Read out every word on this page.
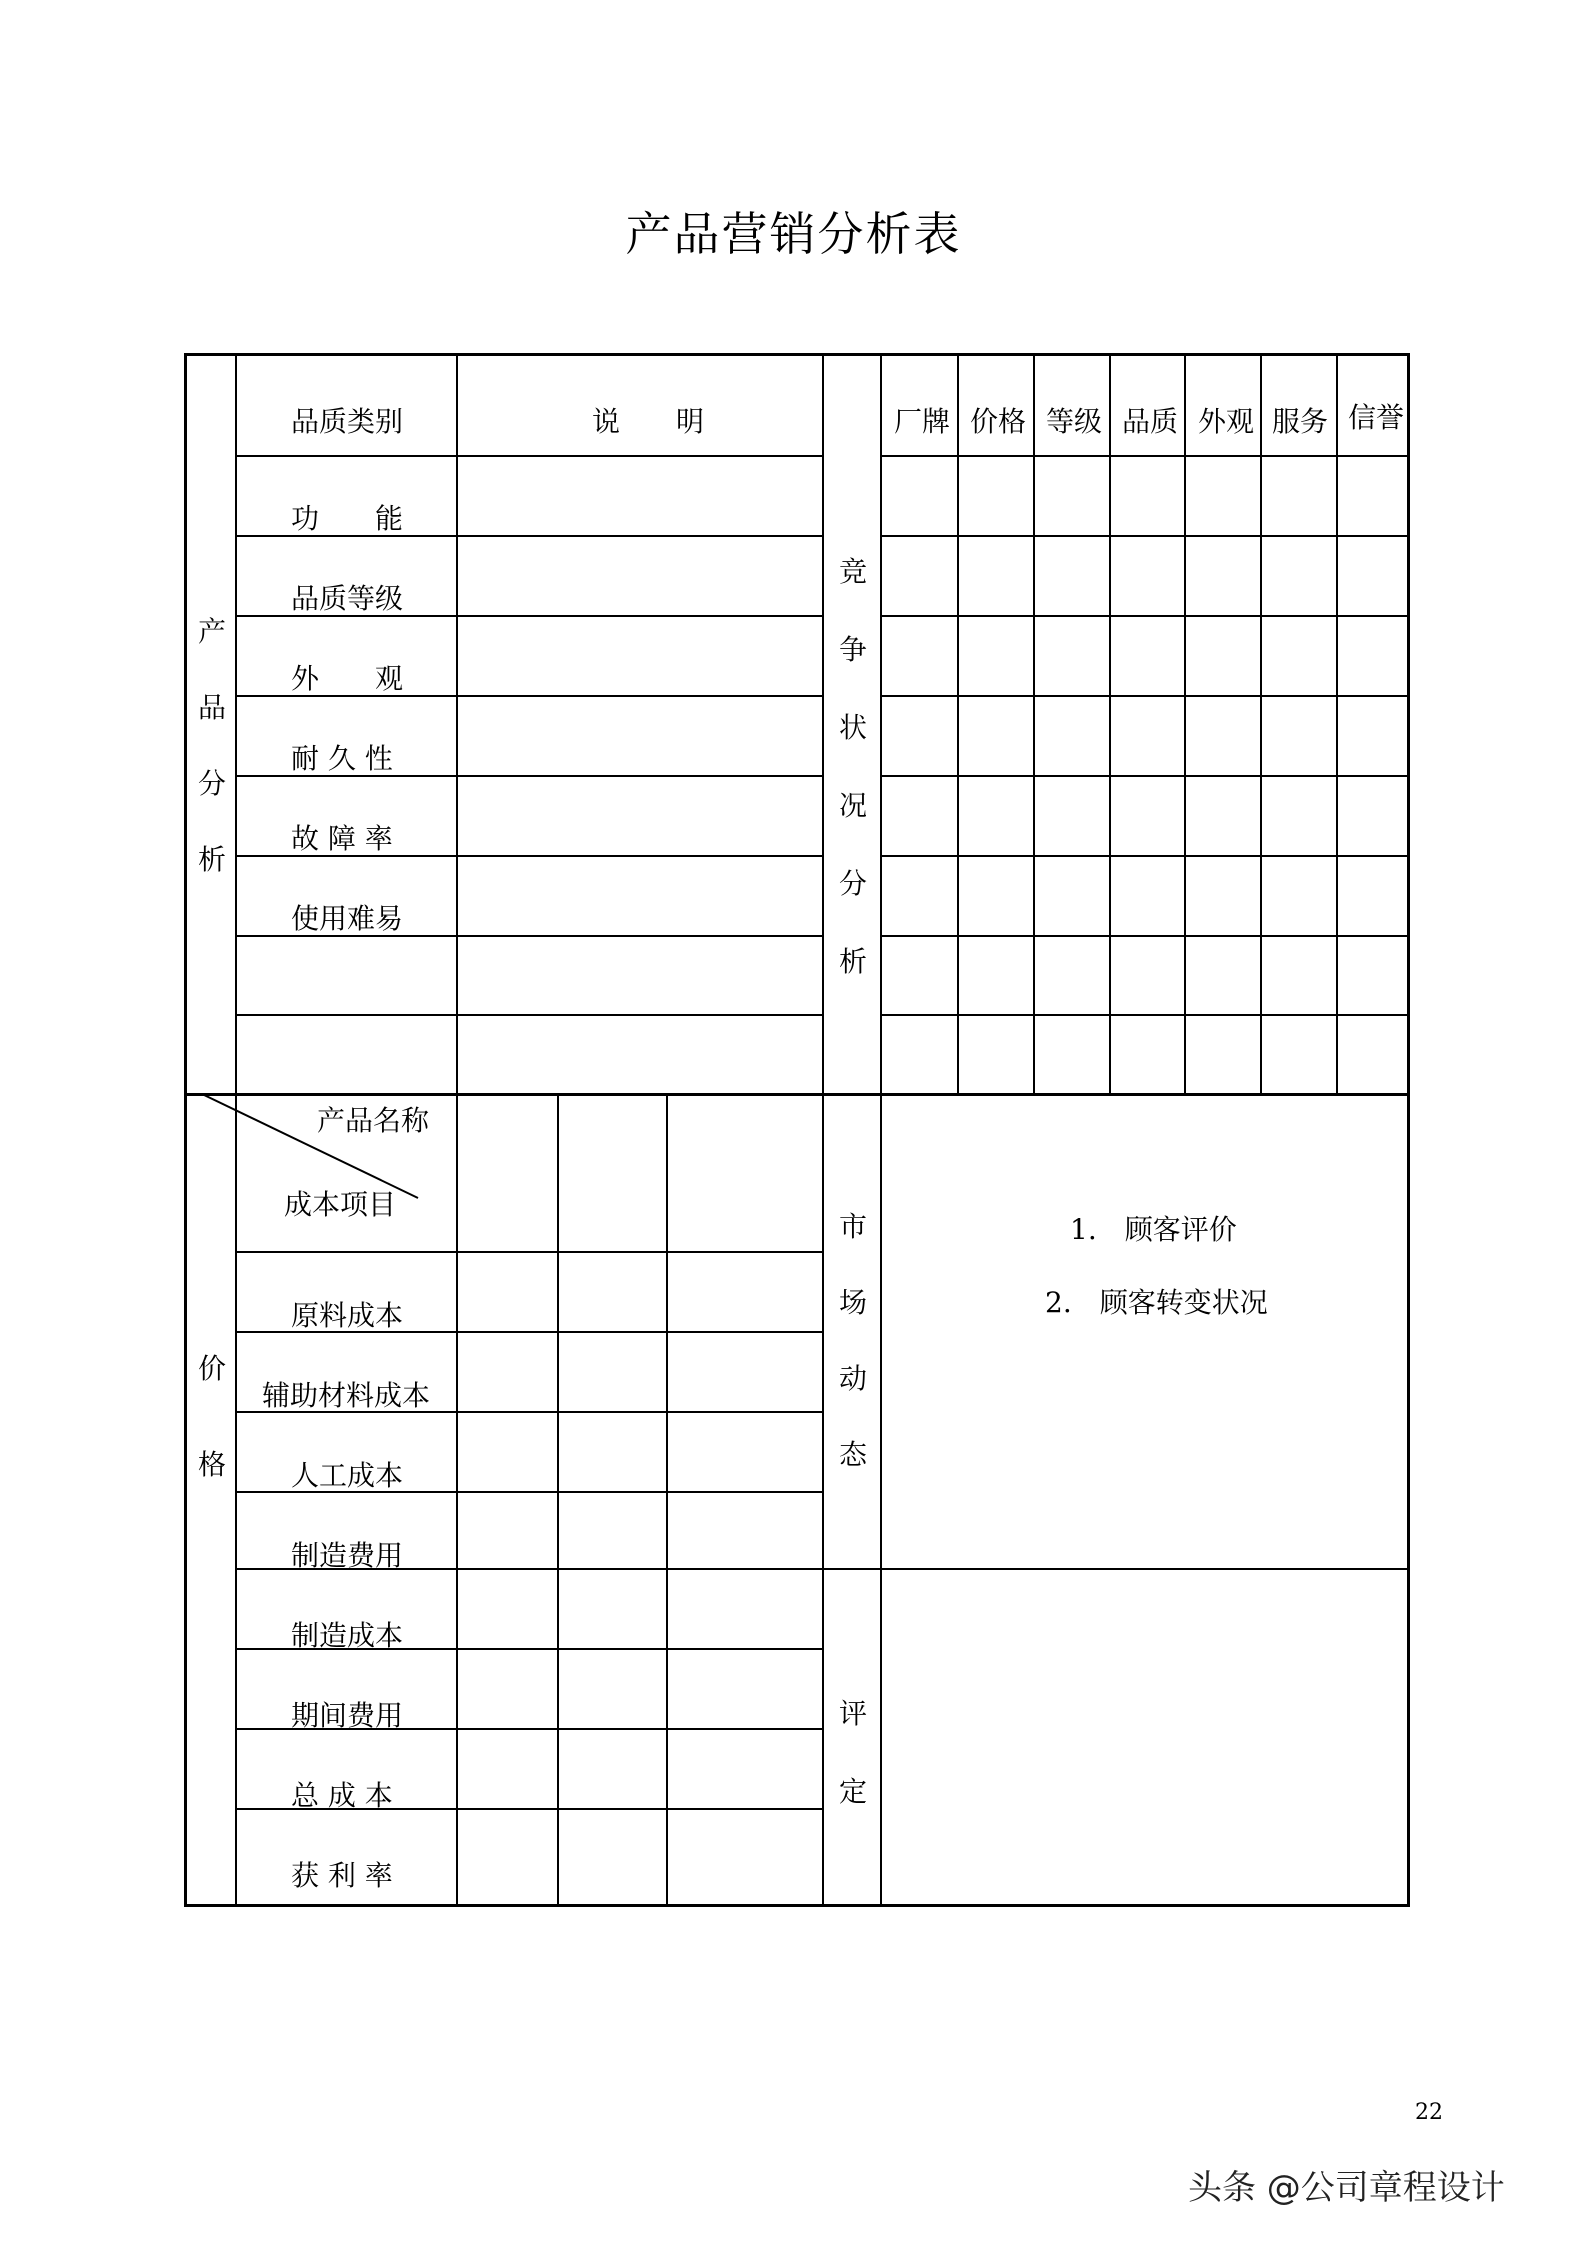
产品营销分析表
产
品
分
析
品质类别	说　　明
功　　能
品质等级
外　　观
耐 久 性
故 障 率
使用难易
竞
争
状
况
分
析
厂牌 价格 等级 品质 外观 服务 信誉
价
格
产品名称
成本项目
原料成本
辅助材料成本
人工成本
制造费用
制造成本
期间费用
总 成 本
获 利 率
市
场
动
态
1.　顾客评价
2.　顾客转变状况
评
定
22
头条 @公司章程设计
